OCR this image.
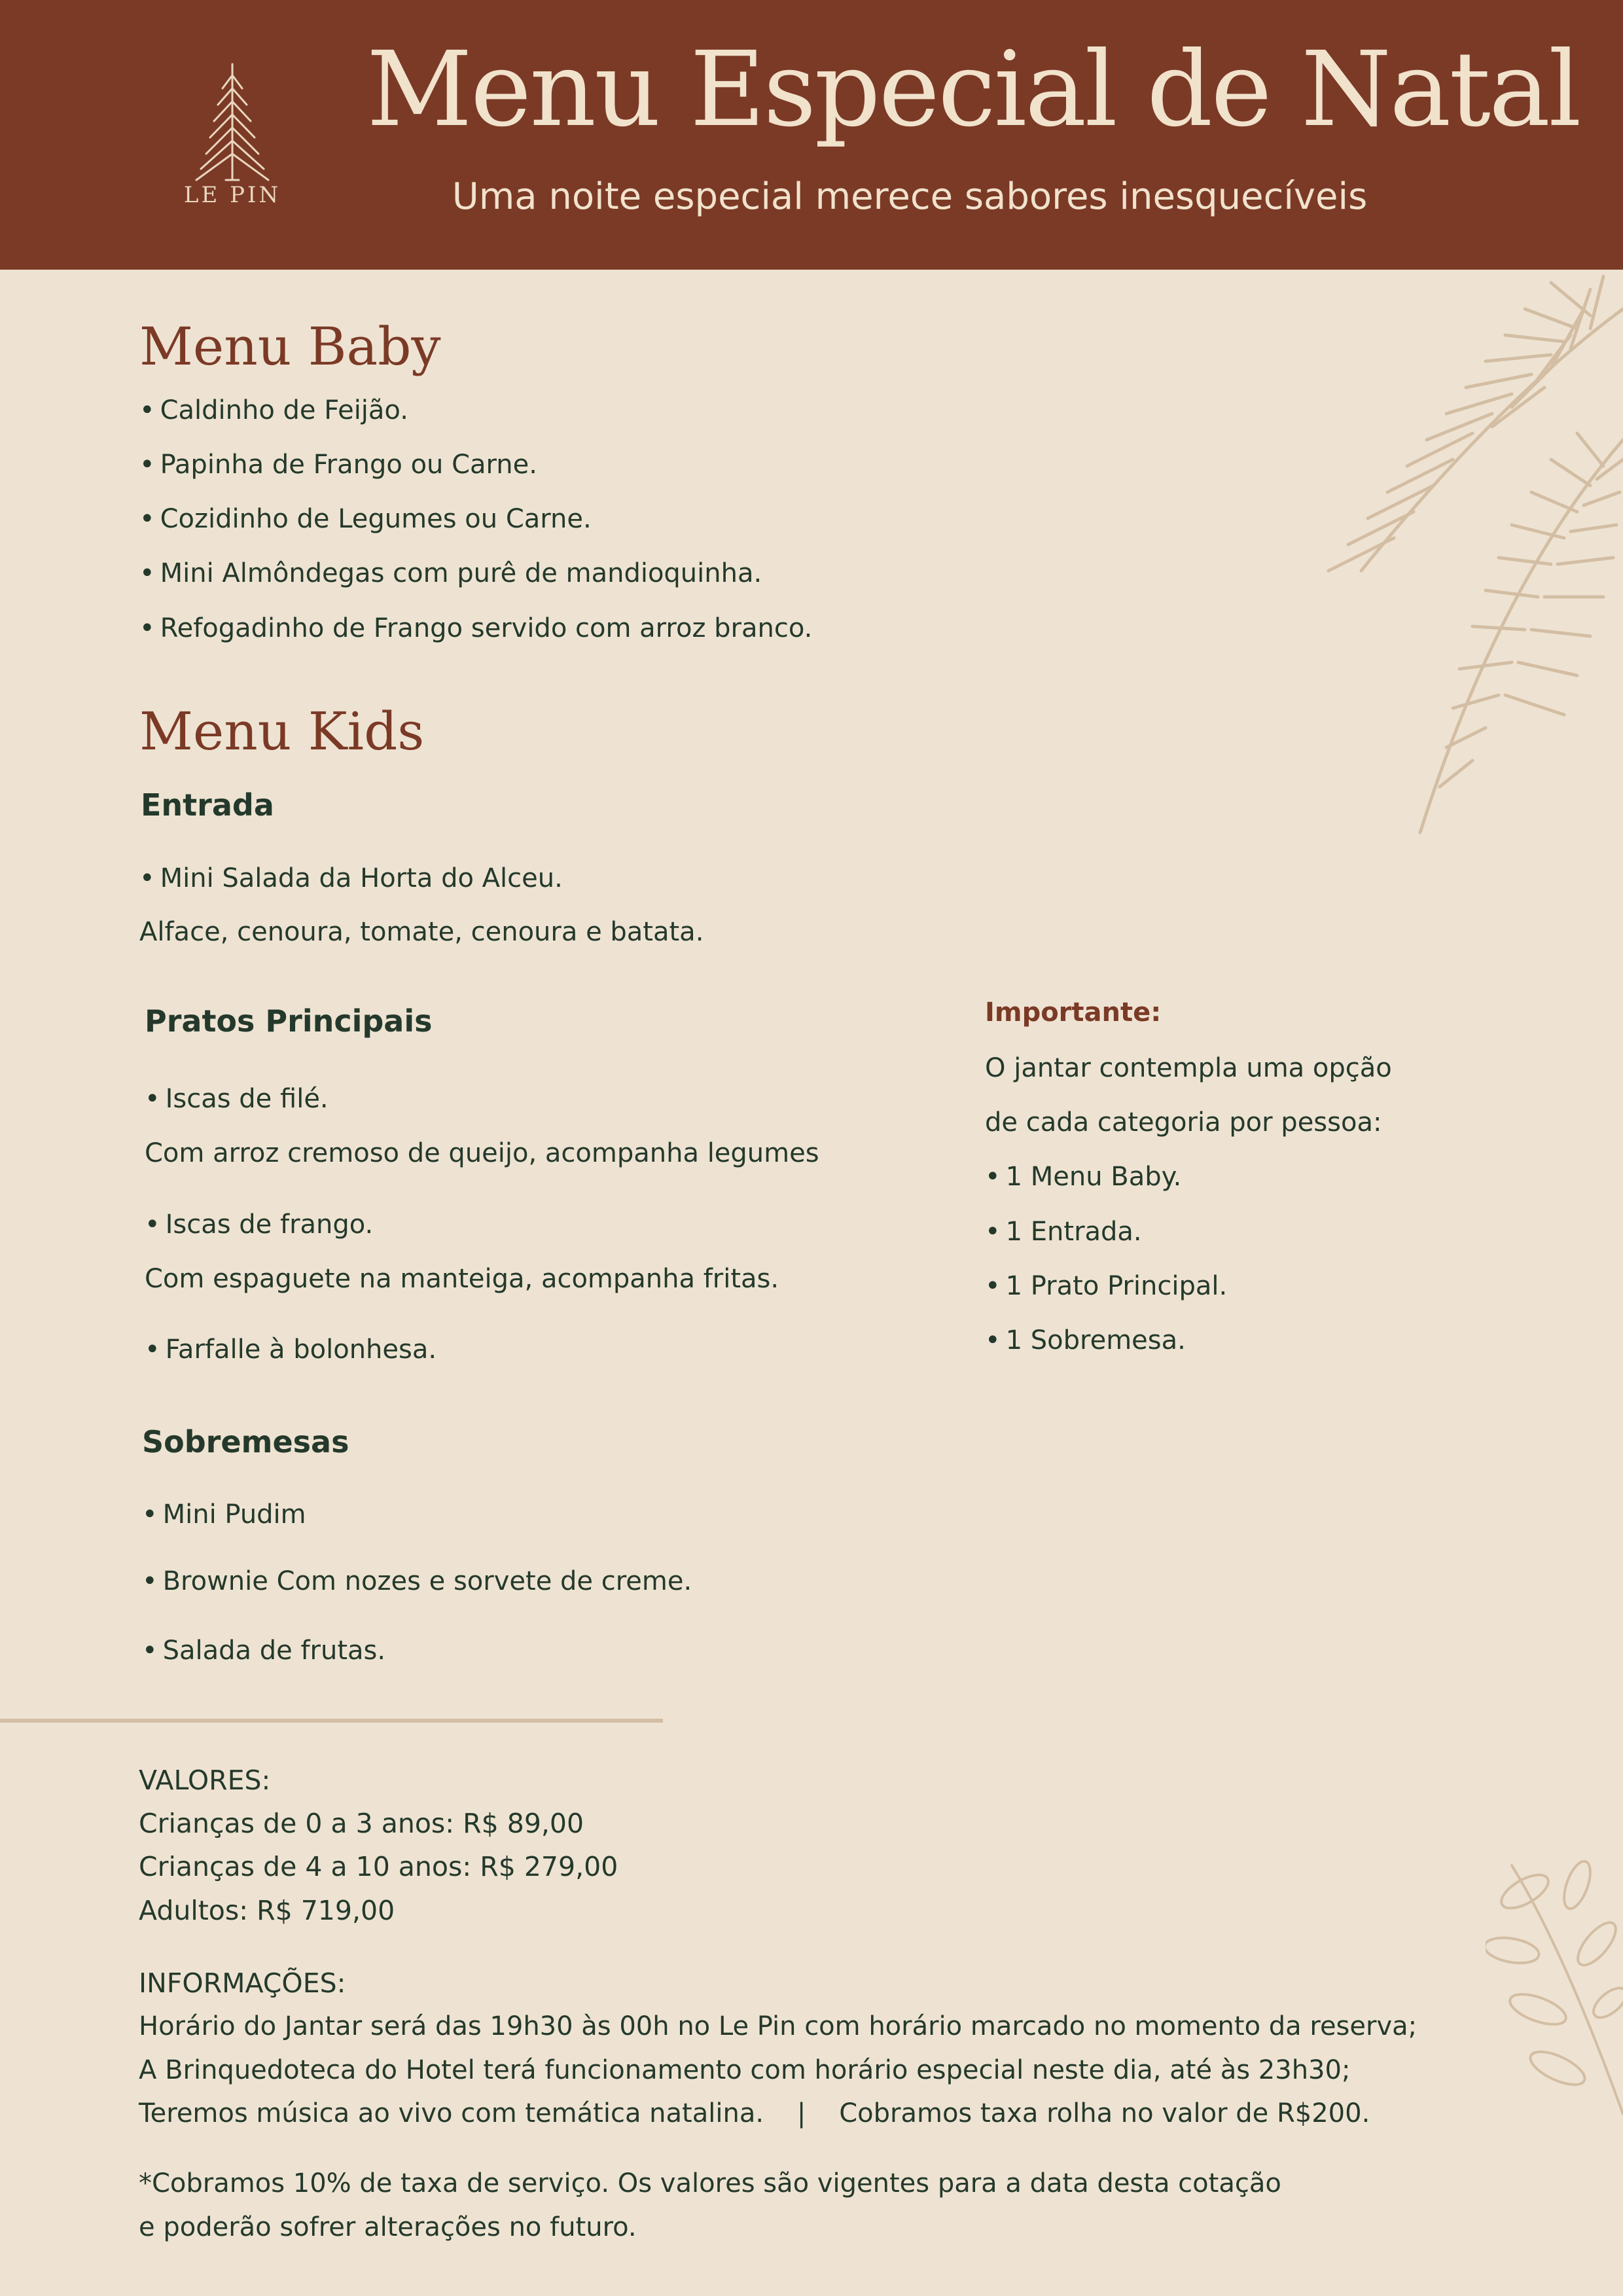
LE PIN
Menu Especial de Natal
Uma noite especial merece sabores inesquecíveis
Menu Baby
• Caldinho de Feijão.
• Papinha de Frango ou Carne.
• Cozidinho de Legumes ou Carne.
• Mini Almôndegas com purê de mandioquinha.
• Refogadinho de Frango servido com arroz branco.
Menu Kids
Entrada
• Mini Salada da Horta do Alceu.
Alface, cenoura, tomate, cenoura e batata.
Pratos Principais
• Iscas de filé.
Com arroz cremoso de queijo, acompanha legumes
• Iscas de frango.
Com espaguete na manteiga, acompanha fritas.
• Farfalle à bolonhesa.
Sobremesas
• Mini Pudim
• Brownie Com nozes e sorvete de creme.
• Salada de frutas.
Importante:
O jantar contempla uma opção
de cada categoria por pessoa:
• 1 Menu Baby.
• 1 Entrada.
• 1 Prato Principal.
• 1 Sobremesa.
VALORES:
Crianças de 0 a 3 anos: R$ 89,00
Crianças de 4 a 10 anos: R$ 279,00
Adultos: R$ 719,00
INFORMAÇÕES:
Horário do Jantar será das 19h30 às 00h no Le Pin com horário marcado no momento da reserva;
A Brinquedoteca do Hotel terá funcionamento com horário especial neste dia, até às 23h30;
Teremos música ao vivo com temática natalina.    |    Cobramos taxa rolha no valor de R$200.
*Cobramos 10% de taxa de serviço. Os valores são vigentes para a data desta cotação
e poderão sofrer alterações no futuro.
